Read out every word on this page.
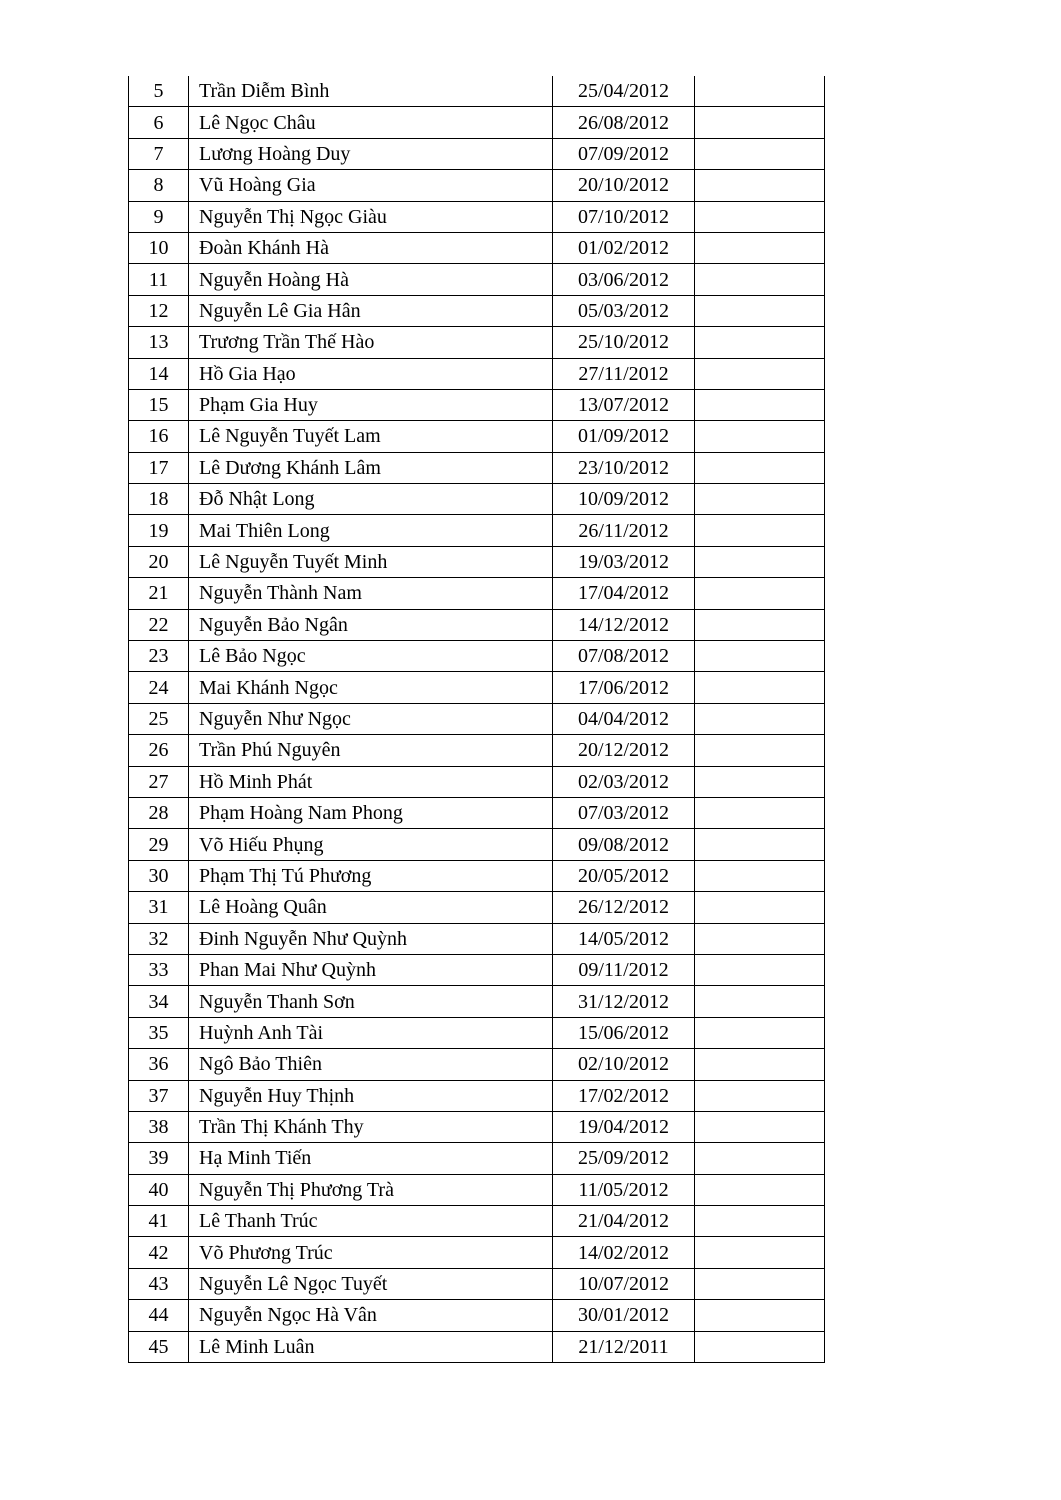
5	Trần Diễm Bình	25/04/2012	
6	Lê Ngọc Châu	26/08/2012	
7	Lương Hoàng Duy	07/09/2012	
8	Vũ Hoàng Gia	20/10/2012	
9	Nguyễn Thị Ngọc Giàu	07/10/2012	
10	Đoàn Khánh Hà	01/02/2012	
11	Nguyễn Hoàng Hà	03/06/2012	
12	Nguyễn Lê Gia Hân	05/03/2012	
13	Trương Trần Thế Hào	25/10/2012	
14	Hồ Gia Hạo	27/11/2012	
15	Phạm Gia Huy	13/07/2012	
16	Lê Nguyễn Tuyết Lam	01/09/2012	
17	Lê Dương Khánh Lâm	23/10/2012	
18	Đỗ Nhật Long	10/09/2012	
19	Mai Thiên Long	26/11/2012	
20	Lê Nguyễn Tuyết Minh	19/03/2012	
21	Nguyễn Thành Nam	17/04/2012	
22	Nguyễn Bảo Ngân	14/12/2012	
23	Lê Bảo Ngọc	07/08/2012	
24	Mai Khánh Ngọc	17/06/2012	
25	Nguyễn Như Ngọc	04/04/2012	
26	Trần Phú Nguyên	20/12/2012	
27	Hồ Minh Phát	02/03/2012	
28	Phạm Hoàng Nam Phong	07/03/2012	
29	Võ Hiếu Phụng	09/08/2012	
30	Phạm Thị Tú Phương	20/05/2012	
31	Lê Hoàng Quân	26/12/2012	
32	Đinh Nguyễn Như Quỳnh	14/05/2012	
33	Phan Mai Như Quỳnh	09/11/2012	
34	Nguyễn Thanh Sơn	31/12/2012	
35	Huỳnh Anh Tài	15/06/2012	
36	Ngô Bảo Thiên	02/10/2012	
37	Nguyễn Huy Thịnh	17/02/2012	
38	Trần Thị Khánh Thy	19/04/2012	
39	Hạ Minh Tiến	25/09/2012	
40	Nguyễn Thị Phương Trà	11/05/2012	
41	Lê Thanh Trúc	21/04/2012	
42	Võ Phương Trúc	14/02/2012	
43	Nguyễn Lê Ngọc Tuyết	10/07/2012	
44	Nguyễn Ngọc Hà Vân	30/01/2012	
45	Lê Minh Luân	21/12/2011	
